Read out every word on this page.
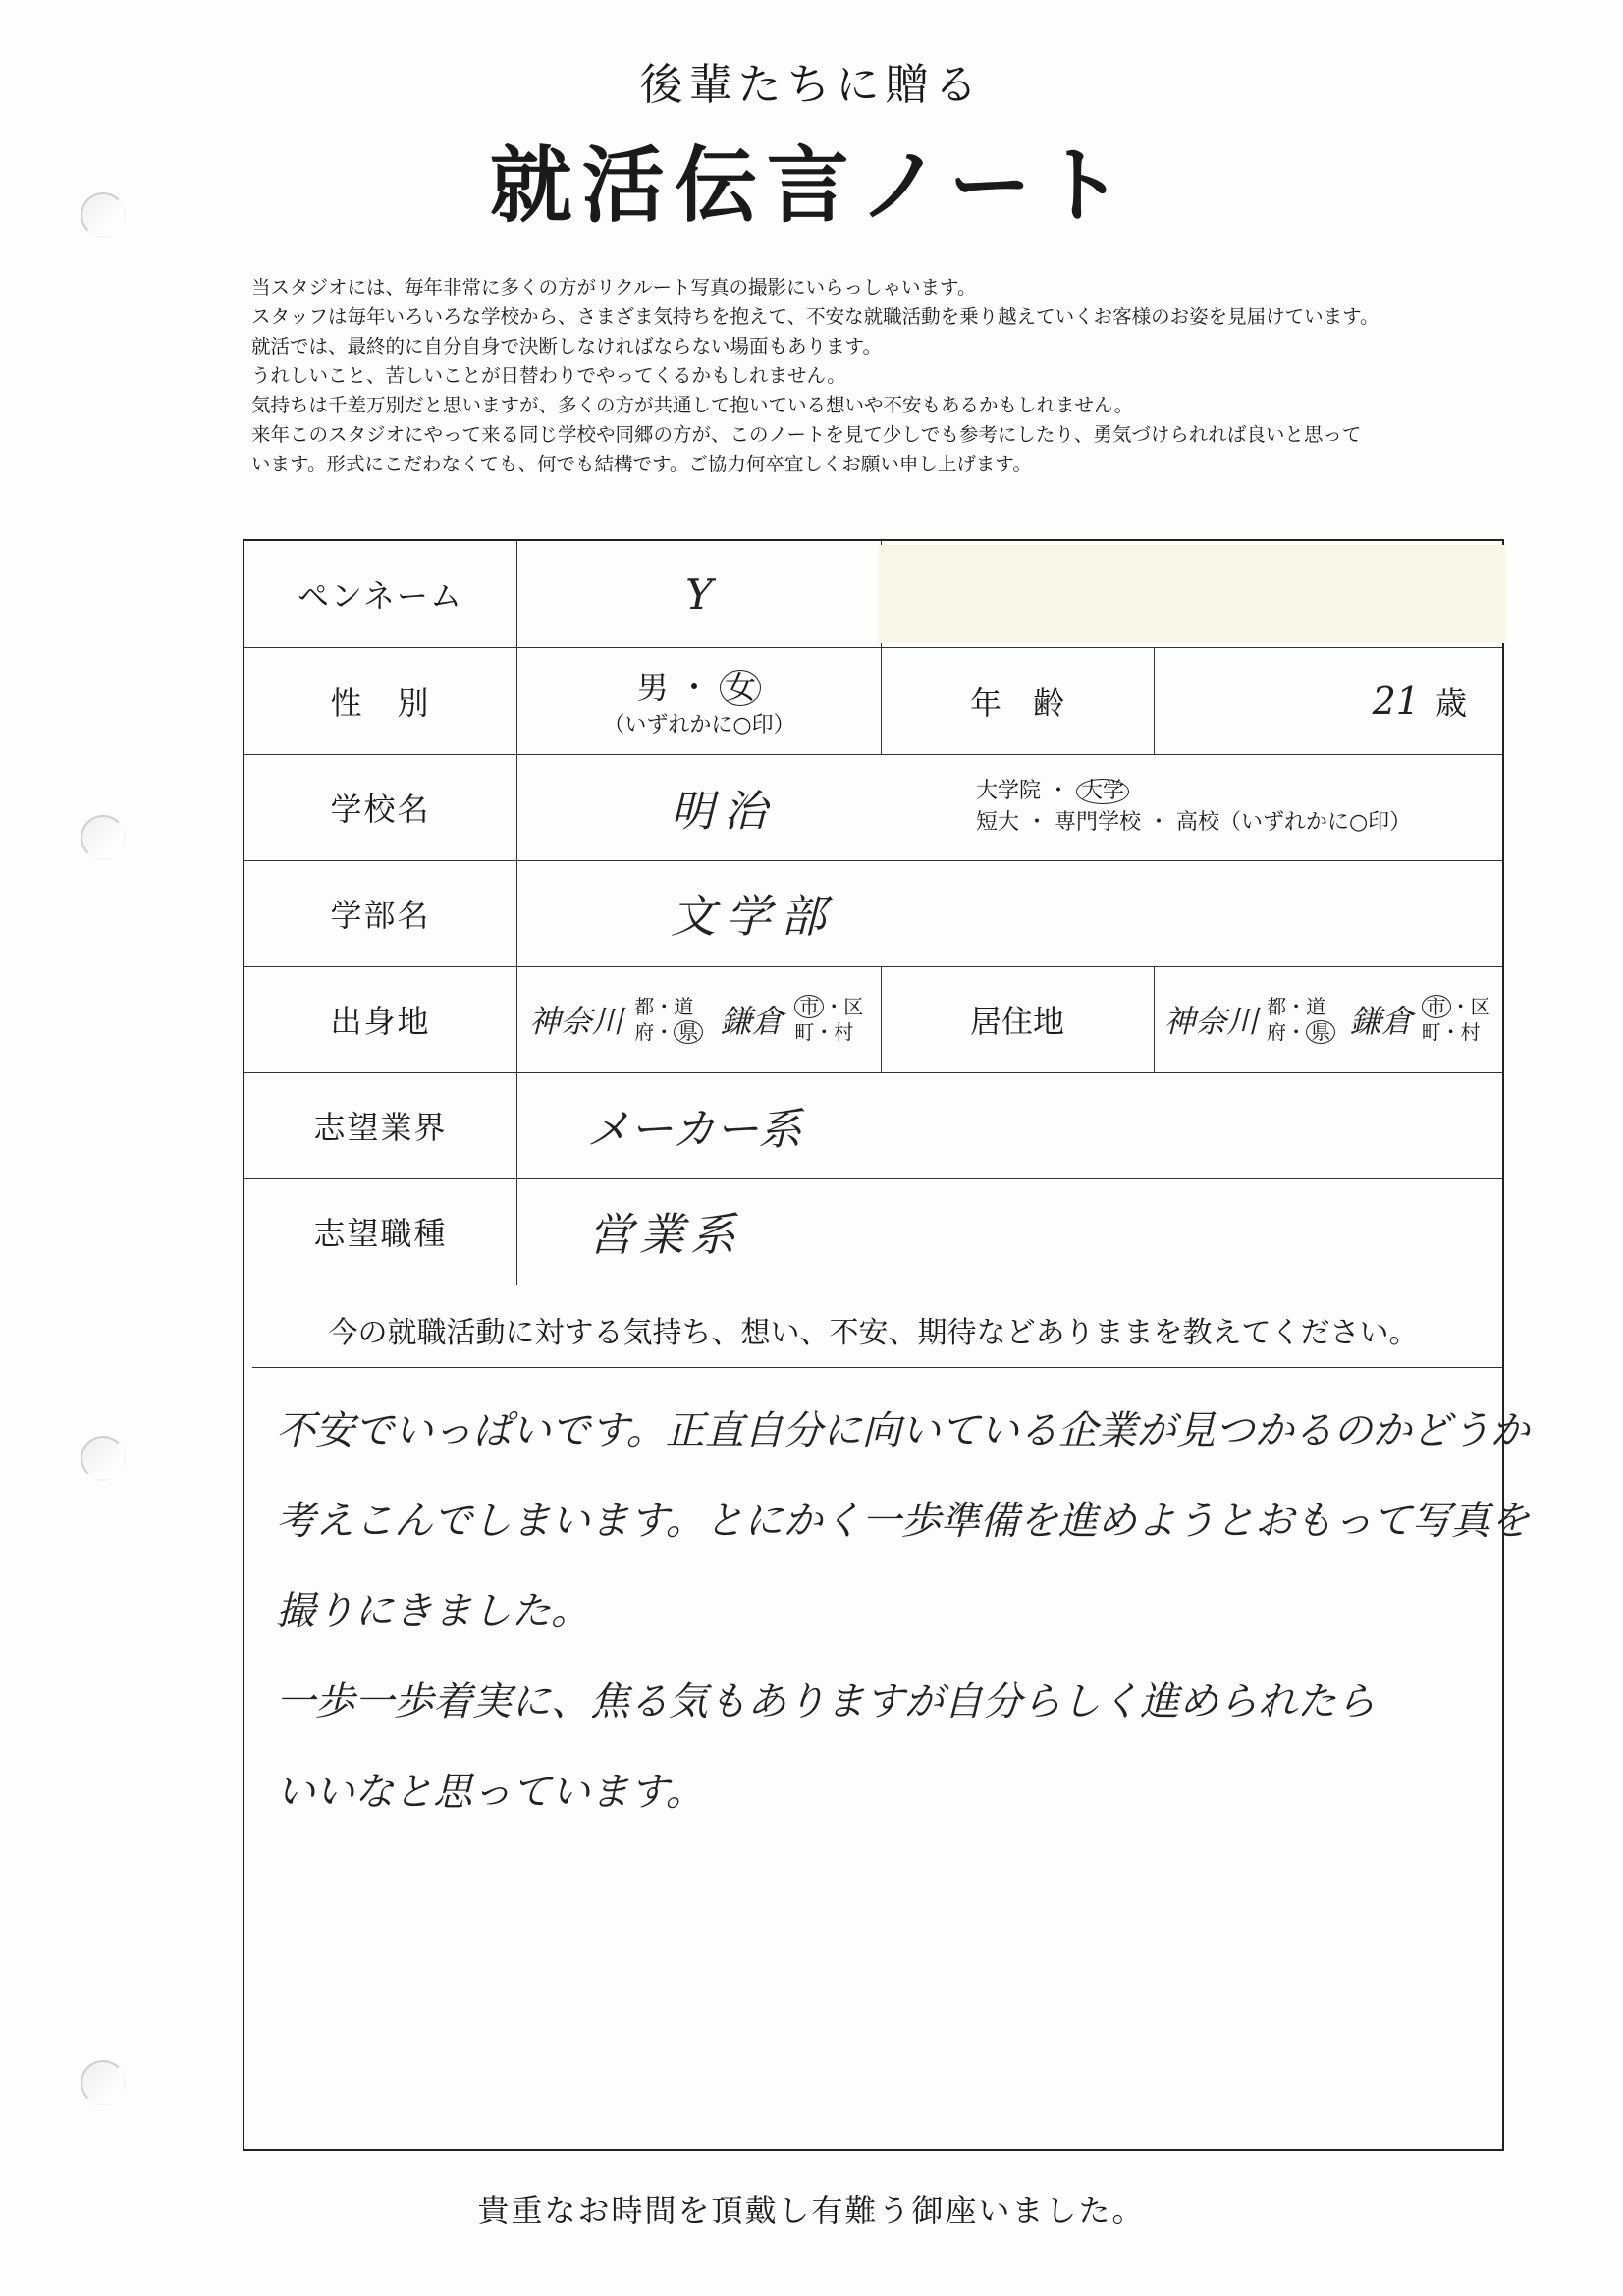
後輩たちに贈る
就活伝言ノート
当スタジオには、毎年非常に多くの方がリクルート写真の撮影にいらっしゃいます。
スタッフは毎年いろいろな学校から、さまざま気持ちを抱えて、不安な就職活動を乗り越えていくお客様のお姿を見届けています。
就活では、最終的に自分自身で決断しなければならない場面もあります。
うれしいこと、苦しいことが日替わりでやってくるかもしれません。
気持ちは千差万別だと思いますが、多くの方が共通して抱いている想いや不安もあるかもしれません。
来年このスタジオにやって来る同じ学校や同郷の方が、このノートを見て少しでも参考にしたり、勇気づけられれば良いと思って
います。形式にこだわなくても、何でも結構です。ご協力何卒宜しくお願い申し上げます。
ペンネーム	Y
性　別	男 ・ 女
（いずれかに○印）
年　齢	21 歳
学校名	明治	大学院 ・ 大学
短大 ・ 専門学校 ・ 高校（いずれかに○印）
学部名	文学部
出身地	神奈川 都・道
府・ 県 鎌倉 市 ・区
町・村	居住地	神奈川 都・道
府・ 県 鎌倉 市 ・区
町・村
志望業界	メーカー系
志望職種	営業系
今の就職活動に対する気持ち、想い、不安、期待などありままを教えてください。
不安でいっぱいです。正直自分に向いている企業が見つかるのかどうか
考えこんでしまいます。とにかく一歩準備を進めようとおもって写真を
撮りにきました。
一歩一歩着実に、焦る気もありますが自分らしく進められたら
いいなと思っています。
貴重なお時間を頂戴し有難う御座いました。
